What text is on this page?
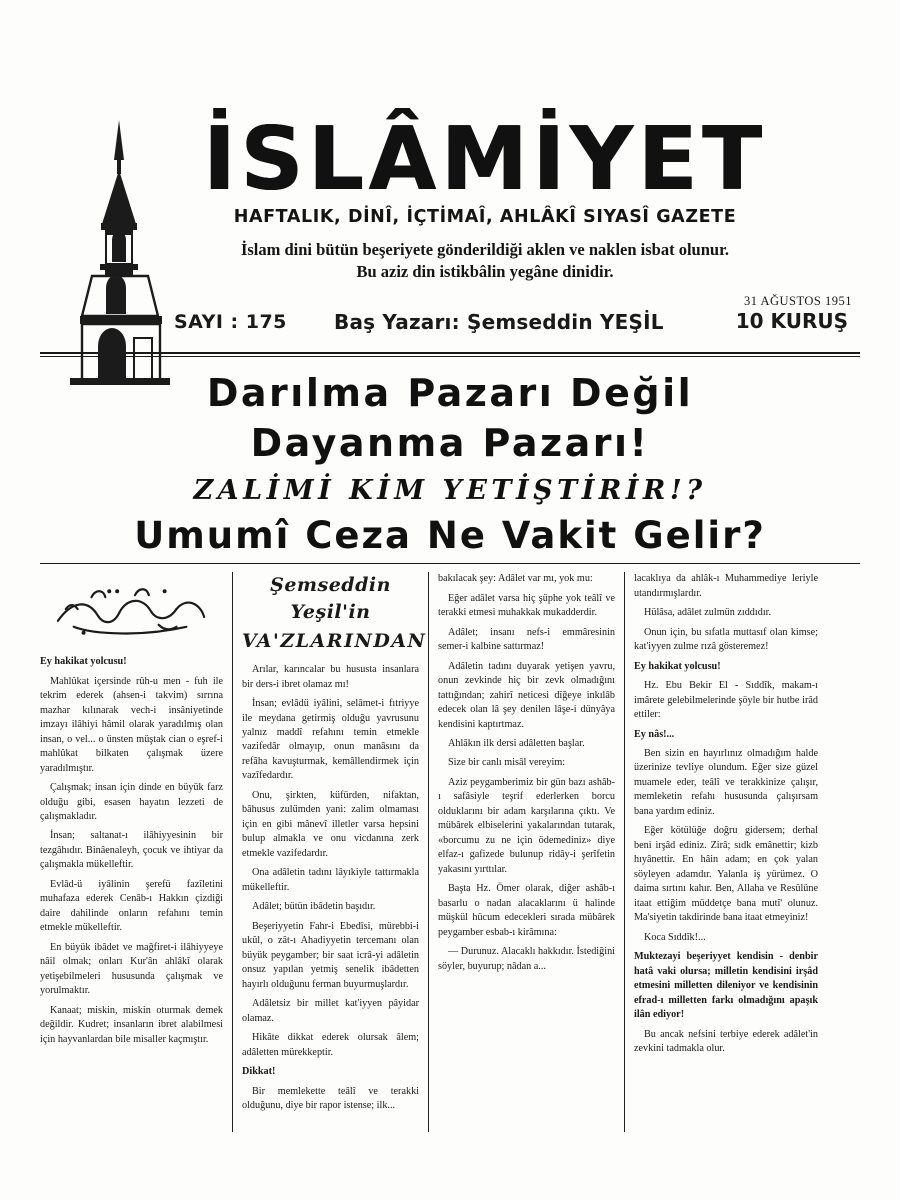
İSLÂMİYET
HAFTALIK, DİNÎ, İÇTİMAÎ, AHLÂKÎ SIYASÎ GAZETE
İslam dini bütün beşeriyete gönderildiği aklen ve naklen isbat olunur.
Bu aziz din istikbâlin yegâne dinidir.
31 AĞUSTOS 1951
SAYI : 175 Baş Yazarı: Şemseddin YEŞİL	10 KURUŞ
Darılma Pazarı Değil
Dayanma Pazarı!
ZALİMİ KİM YETİŞTİRİR!?
Umumî Ceza Ne Vakit Gelir?

Ey hakikat yolcusu!

Mahlûkat içersinde rûh-u men - fuh ile tekrim ederek (ahsen-i takvim) sırrına mazhar kılınarak vech-i insâniyetinde imzayı ilâhiyi hâmil olarak yaradılmış olan insan, o vel... o ünsten müştak cian o eşref-i mahlûkat bilkaten çalışmak üzere yaradılmıştır.

Çalışmak; insan için dinde en büyük farz olduğu gibi, esasen hayatın lezzeti de çalışmakladır.

İnsan; saltanat-ı ilâhiyyesinin bir tezgâhıdır. Binâenaleyh, çocuk ve ihtiyar da çalışmakla mükelleftir.

Evlâd-ü iyâlinin şerefü fazîletini muhafaza ederek Cenâb-ı Hakkın çizdiği daire dahilinde onların refahını temin etmekle mükelleftir.

En büyük ibâdet ve mağfiret-i ilâhiyyeye nâil olmak; onları Kur'ân ahlâkî olarak yetişebilmeleri hususunda çalışmak ve yorulmaktır.

Kanaat; miskin, miskin oturmak demek değildir. Kudret; insanların ibret alabilmesi için hayvanlardan bile misaller kaçmıştır.

Şemseddin Yeşil'in
VA'ZLARINDAN

Arılar, karıncalar bu hususta insanlara bir ders-i ibret olamaz mı!

İnsan; evlâdü iyâlini, selâmet-i fıtriyye ile meydana getirmiş olduğu yavrusunu yalnız maddî refahını temin etmekle vazifedâr olmayıp, onun manâsını da refâha kavuşturmak, kemâllendirmek için vazîfedardır.

Onu, şirkten, küfürden, nifaktan, bâhusus zulümden yani: zalim olmaması için en gibi mânevî illetler varsa hepsini bulup almakla ve onu vicdanına zerk etmekle vazifedardır.

Ona adâletin tadını lâyıkiyle tattırmakla mükelleftir.

Adâlet; bütün ibâdetin başıdır.

Beşeriyyetin Fahr-i Ebedîsi, mürebbi-i ukûl, o zât-ı Ahadiyyetin tercemanı olan büyük peygamber; bir saat icrâ-yi adâletin onsuz yapılan yetmiş senelik ibâdetten hayırlı olduğunu ferman buyurmuşlardır.

Adâletsiz bir millet kat'iyyen pâyidar olamaz.

Hikâte dikkat ederek olursak âlem; adâletten mürekkeptir.

Dikkat!

Bir memlekette teâlî ve terakki olduğunu, diye bir rapor istense; ilk...

bakılacak şey: Adâlet var mı, yok mu:

Eğer adâlet varsa hiç şüphe yok teâlî ve terakki etmesi muhakkak mukadderdir.

Adâlet; insanı nefs-i emmâresinin semer-i kalbine sattırmaz!

Adâletin tadını duyarak yetişen yavru, onun zevkinde hiç bir zevk olmadığını tattığından; zahirî neticesi dîğeye inkılâb edecek olan lâ şey denilen lâşe-i dünyâya kendisini kaptırtmaz.

Ahlâkın ilk dersi adâletten başlar.

Size bir canlı misâl vereyim:

Aziz peygamberimiz bir gün bazı ashâb-ı safâsiyle teşrif ederlerken borcu olduklarını bir adam karşılarına çıktı. Ve mübârek elbiselerini yakalarından tutarak, «borcumu zu ne için ödemediniz» diye elfaz-ı gafizede bulunup ridây-i şerîfetin yakasını yırttılar.

Başta Hz. Ömer olarak, diğer ashâb-ı basarlu o nadan alacaklarını ü halinde müşkül hücum edecekleri sırada mübârek peygamber esbab-ı kirâmına:

— Durunuz. Alacaklı hakkıdır. İstediğini söyler, buyurup; nâdan a...

lacaklıya da ahlâk-ı Muhammediye leriyle utandırmışlardır.

Hülâsa, adâlet zulmün zıddıdır.

Onun için, bu sıfatla muttasıf olan kimse; kat'iyyen zulme rızâ gösteremez!

Ey hakikat yolcusu!

Hz. Ebu Bekir El - Sıddîk, makam-ı imârete gelebilmelerinde şöyle bir hutbe irâd ettiler:

Ey nâs!...

Ben sizin en hayırlınız olmadığım halde üzerinize tevliye olundum. Eğer size güzel muamele eder, teâlî ve terakkinize çalışır, memleketin refahı hususunda çalışırsam bana yardım ediniz.

Eğer kötülüğe doğru gidersem; derhal beni irşâd ediniz. Zirâ; sıdk emânettir; kizb hıyânettir. En hâin adam; en çok yalan söyleyen adamdır. Yalanla iş yürümez. O daima sırtını kahır. Ben, Allaha ve Resûlüne itaat ettiğim müddetçe bana mutî' olunuz. Ma'siyetin takdirinde bana itaat etmeyiniz!

Koca Sıddîk!...

Muktezayi beşeriyyet kendisin - denbir hatâ vaki olursa; milletin kendisini irşâd etmesini milletten dileniyor ve kendisinin efrad-ı milletten farkı olmadığını apaşık ilân ediyor!

Bu ancak nefsini terbiye ederek adâlet'in zevkini tadmakla olur.
